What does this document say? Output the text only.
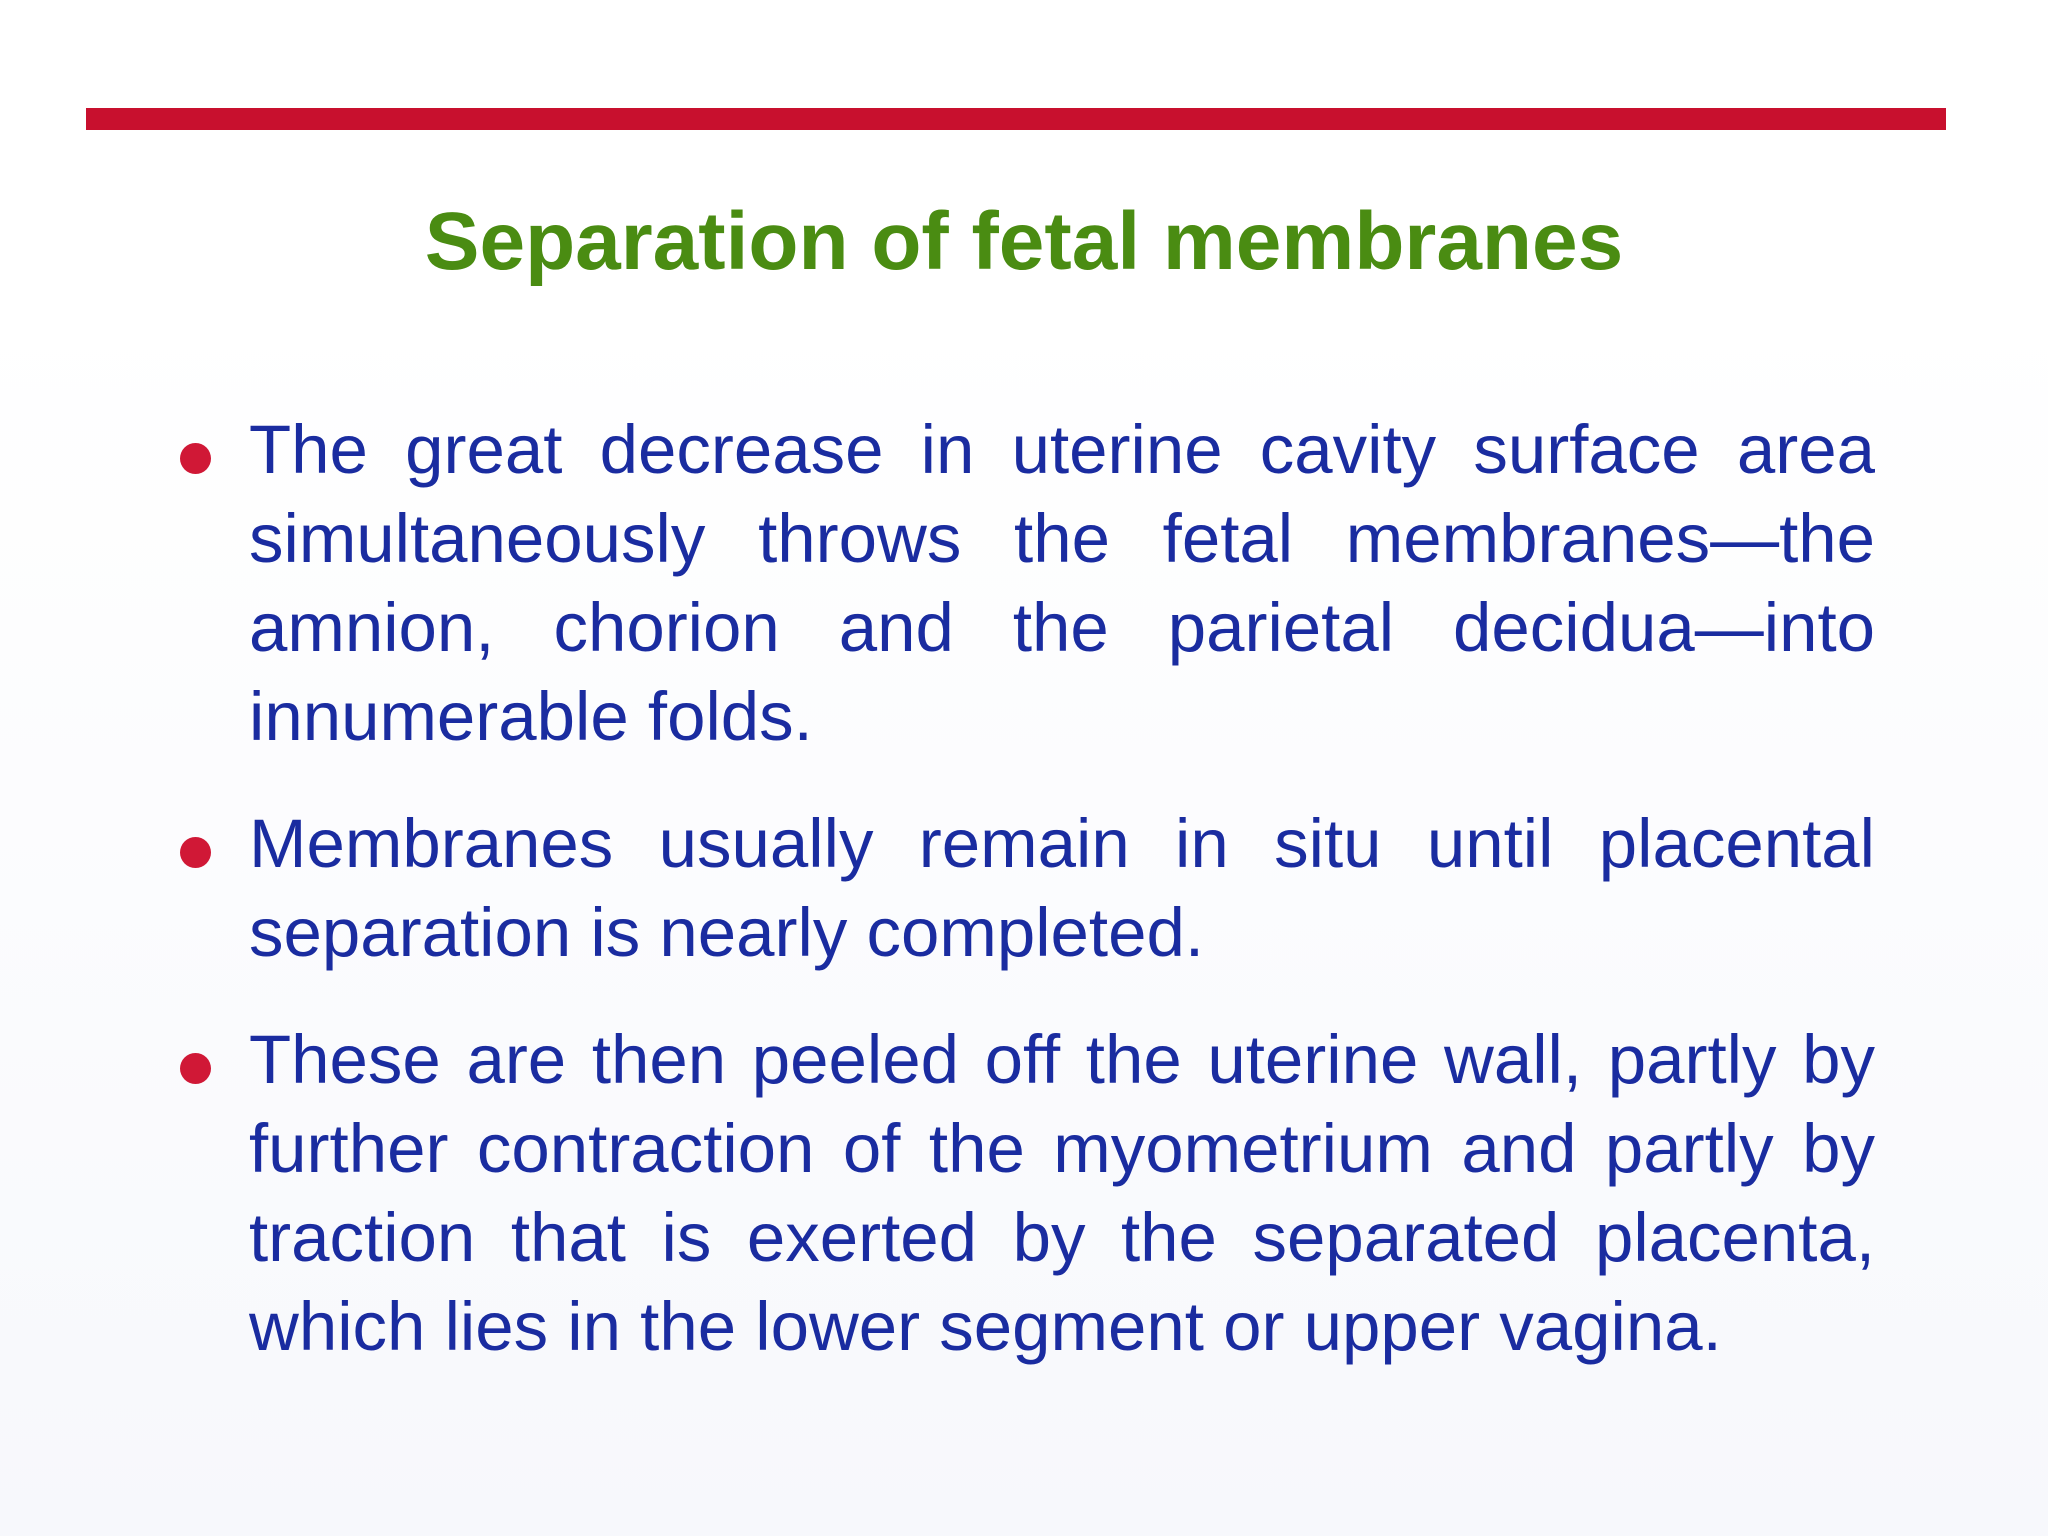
Separation of fetal membranes
The great decrease in uterine cavity surface area simultaneously throws the fetal membranes—the amnion, chorion and the parietal decidua—into innumerable folds.
Membranes usually remain in situ until placental separation is nearly completed.
These are then peeled off the uterine wall, partly by further contraction of the myometrium and partly by traction that is exerted by the separated placenta, which lies in the lower segment or upper vagina.
